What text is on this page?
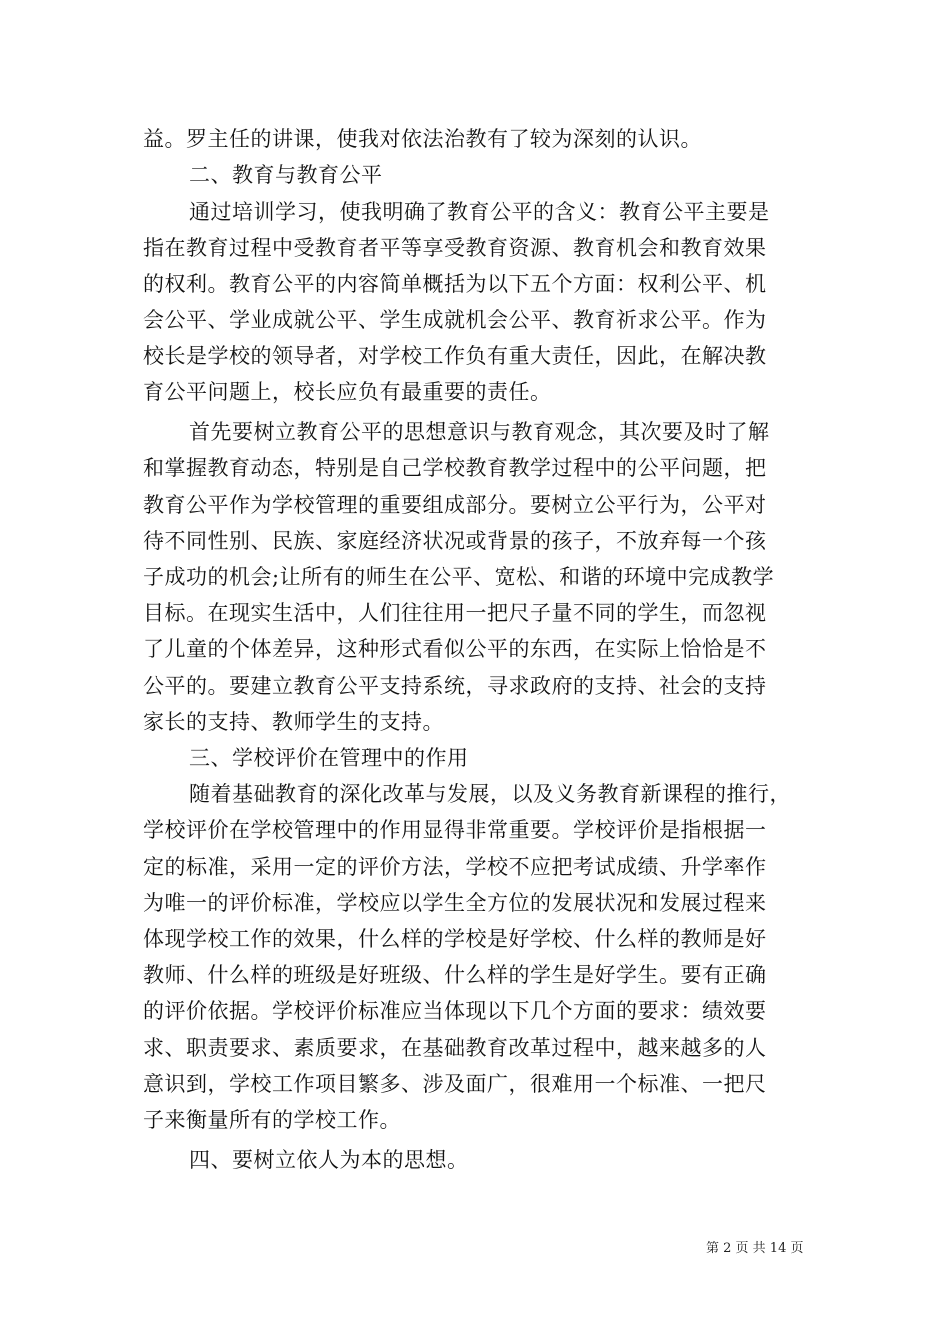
益。罗主任的讲课，使我对依法治教有了较为深刻的认识。
二、教育与教育公平
通过培训学习，使我明确了教育公平的含义：教育公平主要是
指在教育过程中受教育者平等享受教育资源、教育机会和教育效果
的权利。教育公平的内容简单概括为以下五个方面：权利公平、机
会公平、学业成就公平、学生成就机会公平、教育祈求公平。作为
校长是学校的领导者，对学校工作负有重大责任，因此，在解决教
育公平问题上，校长应负有最重要的责任。
首先要树立教育公平的思想意识与教育观念，其次要及时了解
和掌握教育动态，特别是自己学校教育教学过程中的公平问题，把
教育公平作为学校管理的重要组成部分。要树立公平行为，公平对
待不同性别、民族、家庭经济状况或背景的孩子，不放弃每一个孩
子成功的机会;让所有的师生在公平、宽松、和谐的环境中完成教学
目标。在现实生活中，人们往往用一把尺子量不同的学生，而忽视
了儿童的个体差异，这种形式看似公平的东西，在实际上恰恰是不
公平的。要建立教育公平支持系统，寻求政府的支持、社会的支持
家长的支持、教师学生的支持。
三、学校评价在管理中的作用
随着基础教育的深化改革与发展，以及义务教育新课程的推行，
学校评价在学校管理中的作用显得非常重要。学校评价是指根据一
定的标准，采用一定的评价方法，学校不应把考试成绩、升学率作
为唯一的评价标准，学校应以学生全方位的发展状况和发展过程来
体现学校工作的效果，什么样的学校是好学校、什么样的教师是好
教师、什么样的班级是好班级、什么样的学生是好学生。要有正确
的评价依据。学校评价标准应当体现以下几个方面的要求：绩效要
求、职责要求、素质要求，在基础教育改革过程中，越来越多的人
意识到，学校工作项目繁多、涉及面广，很难用一个标准、一把尺
子来衡量所有的学校工作。
四、要树立依人为本的思想。
第 2 页 共 14 页
